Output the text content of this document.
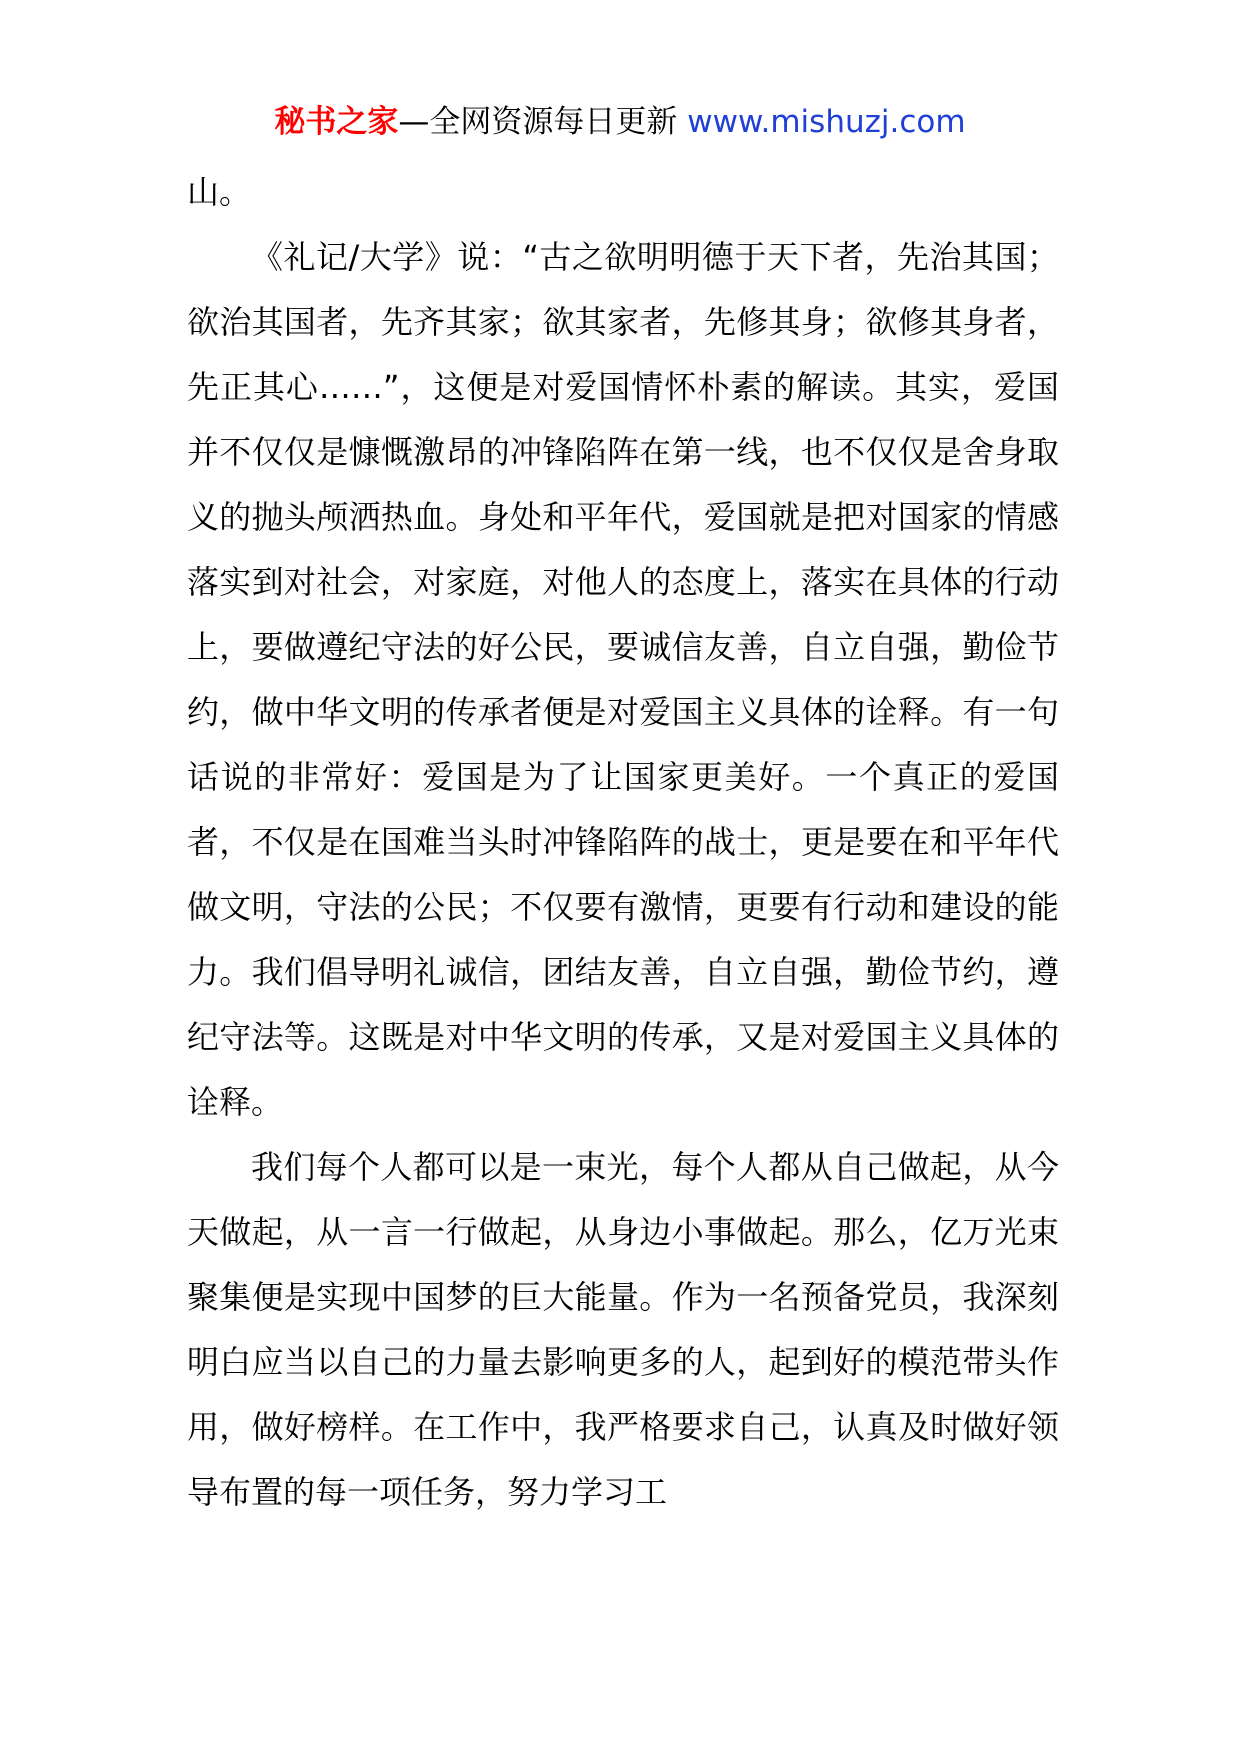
秘书之家—全网资源每日更新 www.mishuzj.com

山。

《礼记/大学》说：“古之欲明明德于天下者，先治其国；欲治其国者，先齐其家；欲其家者，先修其身；欲修其身者，先正其心……”，这便是对爱国情怀朴素的解读。其实，爱国并不仅仅是慷慨激昂的冲锋陷阵在第一线，也不仅仅是舍身取义的抛头颅洒热血。身处和平年代，爱国就是把对国家的情感落实到对社会，对家庭，对他人的态度上，落实在具体的行动上，要做遵纪守法的好公民，要诚信友善，自立自强，勤俭节约，做中华文明的传承者便是对爱国主义具体的诠释。有一句话说的非常好：爱国是为了让国家更美好。一个真正的爱国者，不仅是在国难当头时冲锋陷阵的战士，更是要在和平年代做文明，守法的公民；不仅要有激情，更要有行动和建设的能力。我们倡导明礼诚信，团结友善，自立自强，勤俭节约，遵纪守法等。这既是对中华文明的传承，又是对爱国主义具体的诠释。

我们每个人都可以是一束光，每个人都从自己做起，从今天做起，从一言一行做起，从身边小事做起。那么，亿万光束聚集便是实现中国梦的巨大能量。作为一名预备党员，我深刻明白应当以自己的力量去影响更多的人，起到好的模范带头作用，做好榜样。在工作中，我严格要求自己，认真及时做好领导布置的每一项任务，努力学习工
